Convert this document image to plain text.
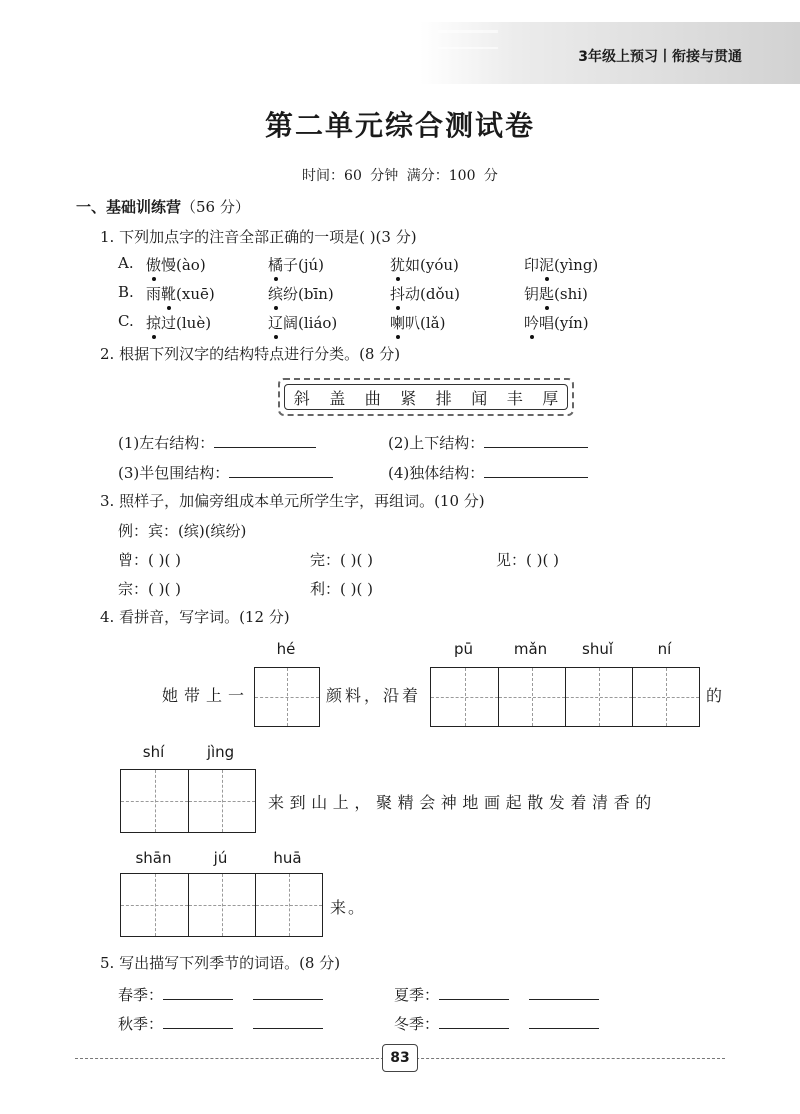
3年级上预习丨衔接与贯通
第二单元综合测试卷
时间：60 分钟 满分：100 分
一、基础训练营（56 分）
1. 下列加点字的注音全部正确的一项是( )(3 分)
A. 傲慢(ào)	橘子(jú)	犹如(yóu)	印泥(yìng)
B. 雨靴(xuē)	缤纷(bīn)	抖动(dǒu)	钥匙(shi)
C. 掠过(luè)	辽阔(liáo)	喇叭(lǎ)	吟唱(yín)
2. 根据下列汉字的结构特点进行分类。(8 分)
斜 盖 曲 紧 排 闻 丰 厚
(1)左右结构：	(2)上下结构：
(3)半包围结构：	(4)独体结构：
3. 照样子，加偏旁组成本单元所学生字，再组词。(10 分)
例：宾：(缤)(缤纷)
曾：( )( )	完：( )( )	见：( )( )
宗：( )( )	利：( )( )
4. 看拼音，写字词。(12 分)
她带上一
hé
颜料，沿着
pū	mǎn	shuǐ	ní
的
shí	jìng
来到山上，聚精会神地画起散发着清香的
shān	jú	huā
来。
5. 写出描写下列季节的词语。(8 分)
春季：	夏季：
秋季：	冬季：
83
